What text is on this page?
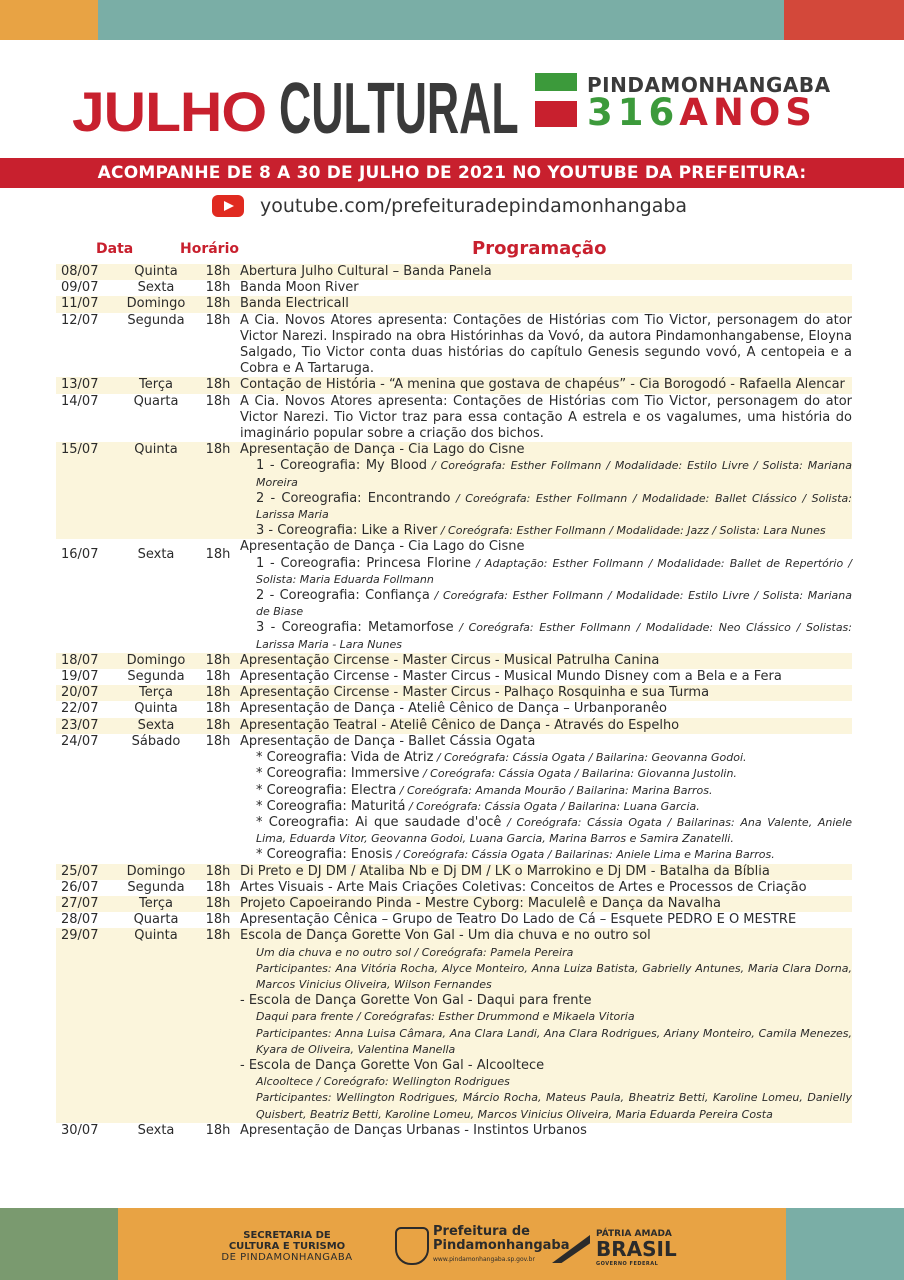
JULHO CULTURAL	PINDAMONHANGABA
316ANOS
ACOMPANHE DE 8 A 30 DE JULHO DE 2021 NO YOUTUBE DA PREFEITURA:
youtube.com/prefeituradepindamonhangaba
Data	Horário	Programação
08/07	Quinta	18h Abertura Julho Cultural – Banda Panela
09/07	Sexta	18h Banda Moon River
11/07	Domingo	18h Banda Electricall
12/07	Segunda	18h A Cia. Novos Atores apresenta: Contações de Histórias com Tio Victor, personagem do ator Victor Narezi. Inspirado na obra Histórinhas da Vovó, da autora Pindamonhangabense, Eloyna Salgado, Tio Victor conta duas histórias do capítulo Genesis segundo vovó, A centopeia e a Cobra e A Tartaruga.
13/07	Terça	18h Contação de História - “A menina que gostava de chapéus” - Cia Borogodó - Rafaella Alencar
14/07	Quarta	18h A Cia. Novos Atores apresenta: Contações de Histórias com Tio Victor, personagem do ator Victor Narezi. Tio Victor traz para essa contação A estrela e os vagalumes, uma história do imaginário popular sobre a criação dos bichos.
15/07	Quinta	18h Apresentação de Dança - Cia Lago do Cisne
1 - Coreografia: My Blood / Coreógrafa: Esther Follmann / Modalidade: Estilo Livre / Solista: Mariana Moreira
2 - Coreografia: Encontrando / Coreógrafa: Esther Follmann / Modalidade: Ballet Clássico / Solista: Larissa Maria
3 - Coreografia: Like a River / Coreógrafa: Esther Follmann / Modalidade: Jazz / Solista: Lara Nunes
16/07	Sexta	18h
Apresentação de Dança - Cia Lago do Cisne
1 - Coreografia: Princesa Florine / Adaptação: Esther Follmann / Modalidade: Ballet de Repertório / Solista: Maria Eduarda Follmann
2 - Coreografia: Confiança / Coreógrafa: Esther Follmann / Modalidade: Estilo Livre / Solista: Mariana de Biase
3 - Coreografia: Metamorfose / Coreógrafa: Esther Follmann / Modalidade: Neo Clássico / Solistas: Larissa Maria - Lara Nunes
18/07	Domingo	18h Apresentação Circense - Master Circus - Musical Patrulha Canina
19/07	Segunda	18h Apresentação Circense - Master Circus - Musical Mundo Disney com a Bela e a Fera
20/07	Terça	18h Apresentação Circense - Master Circus - Palhaço Rosquinha e sua Turma
22/07	Quinta	18h Apresentação de Dança - Ateliê Cênico de Dança – Urbanporanêo
23/07	Sexta	18h Apresentação Teatral - Ateliê Cênico de Dança - Através do Espelho
24/07	Sábado	18h Apresentação de Dança - Ballet Cássia Ogata
* Coreografia: Vida de Atriz / Coreógrafa: Cássia Ogata / Bailarina: Geovanna Godoi.
* Coreografia: Immersive / Coreógrafa: Cássia Ogata / Bailarina: Giovanna Justolin.
* Coreografia: Electra / Coreógrafa: Amanda Mourão / Bailarina: Marina Barros.
* Coreografia: Maturitá / Coreógrafa: Cássia Ogata / Bailarina: Luana Garcia.
* Coreografia: Ai que saudade d'ocê / Coreógrafa: Cássia Ogata / Bailarinas: Ana Valente, Aniele Lima, Eduarda Vitor, Geovanna Godoi, Luana Garcia, Marina Barros e Samira Zanatelli.
* Coreografia: Enosis / Coreógrafa: Cássia Ogata / Bailarinas: Aniele Lima e Marina Barros.
25/07	Domingo	18h Di Preto e DJ DM / Ataliba Nb e Dj DM / LK o Marrokino e Dj DM - Batalha da Bíblia
26/07	Segunda	18h Artes Visuais - Arte Mais Criações Coletivas: Conceitos de Artes e Processos de Criação
27/07	Terça	18h Projeto Capoeirando Pinda - Mestre Cyborg: Maculelê e Dança da Navalha
28/07	Quarta	18h Apresentação Cênica – Grupo de Teatro Do Lado de Cá – Esquete PEDRO E O MESTRE
29/07	Quinta	18h Escola de Dança Gorette Von Gal - Um dia chuva e no outro sol
Um dia chuva e no outro sol / Coreógrafa: Pamela Pereira
Participantes: Ana Vitória Rocha, Alyce Monteiro, Anna Luiza Batista, Gabrielly Antunes, Maria Clara Dorna, Marcos Vinicius Oliveira, Wilson Fernandes
- Escola de Dança Gorette Von Gal - Daqui para frente
Daqui para frente / Coreógrafas: Esther Drummond e Mikaela Vitoria
Participantes: Anna Luisa Câmara, Ana Clara Landi, Ana Clara Rodrigues, Ariany Monteiro, Camila Menezes, Kyara de Oliveira, Valentina Manella
- Escola de Dança Gorette Von Gal - Alcooltece
Alcooltece / Coreógrafo: Wellington Rodrigues
Participantes: Wellington Rodrigues, Márcio Rocha, Mateus Paula, Bheatriz Betti, Karoline Lomeu, Danielly Quisbert, Beatriz Betti, Karoline Lomeu, Marcos Vinicius Oliveira, Maria Eduarda Pereira Costa
30/07	Sexta	18h Apresentação de Danças Urbanas - Instintos Urbanos
SECRETARIA DE
CULTURA E TURISMO
DE PINDAMONHANGABA
Prefeitura de
Pindamonhangaba
www.pindamonhangaba.sp.gov.br
PÁTRIA AMADA
BRASIL
GOVERNO FEDERAL
